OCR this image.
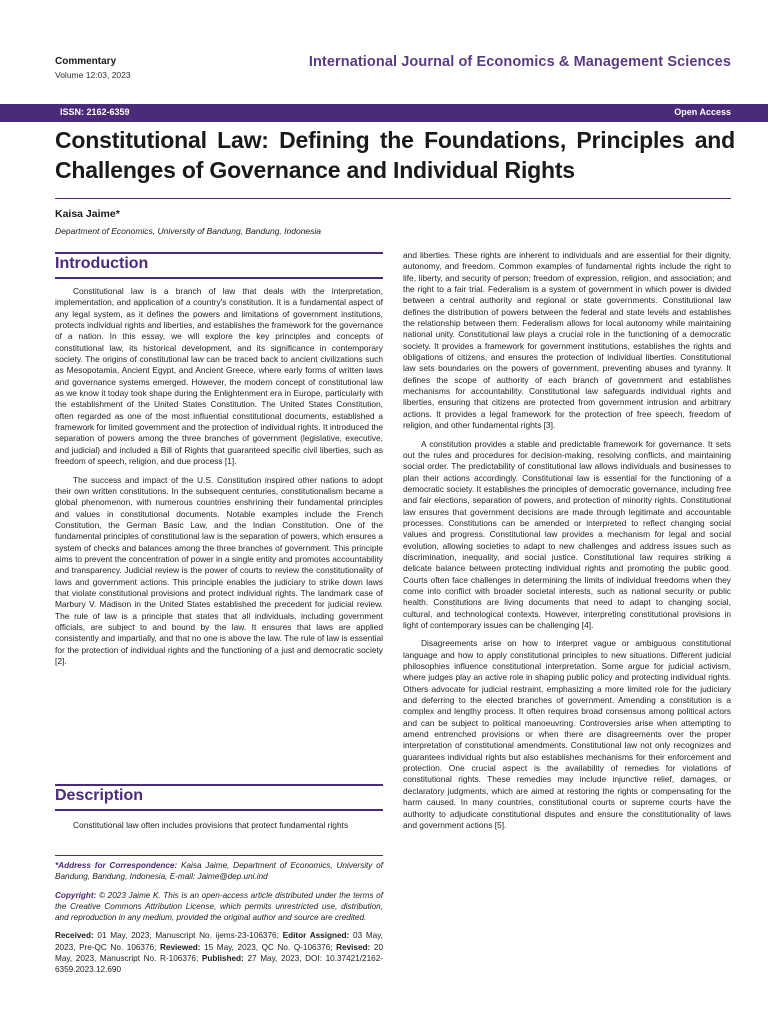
Commentary
Volume 12:03, 2023
International Journal of Economics & Management Sciences
ISSN: 2162-6359	Open Access
Constitutional Law: Defining the Foundations, Principles and Challenges of Governance and Individual Rights
Kaisa Jaime*
Department of Economics, University of Bandung, Bandung, Indonesia
Introduction

Constitutional law is a branch of law that deals with the interpretation, implementation, and application of a country's constitution. It is a fundamental aspect of any legal system, as it defines the powers and limitations of government institutions, protects individual rights and liberties, and establishes the framework for the governance of a nation. In this essay, we will explore the key principles and concepts of constitutional law, its historical development, and its significance in contemporary society. The origins of constitutional law can be traced back to ancient civilizations such as Mesopotamia, Ancient Egypt, and Ancient Greece, where early forms of written laws and governance systems emerged. However, the modern concept of constitutional law as we know it today took shape during the Enlightenment era in Europe, particularly with the establishment of the United States Constitution. The United States Constitution, often regarded as one of the most influential constitutional documents, established a framework for limited government and the protection of individual rights. It introduced the separation of powers among the three branches of government (legislative, executive, and judicial) and included a Bill of Rights that guaranteed specific civil liberties, such as freedom of speech, religion, and due process [1].

The success and impact of the U.S. Constitution inspired other nations to adopt their own written constitutions. In the subsequent centuries, constitutionalism became a global phenomenon, with numerous countries enshrining their fundamental principles and values in constitutional documents. Notable examples include the French Constitution, the German Basic Law, and the Indian Constitution. One of the fundamental principles of constitutional law is the separation of powers, which ensures a system of checks and balances among the three branches of government. This principle aims to prevent the concentration of power in a single entity and promotes accountability and transparency. Judicial review is the power of courts to review the constitutionality of laws and government actions. This principle enables the judiciary to strike down laws that violate constitutional provisions and protect individual rights. The landmark case of Marbury V. Madison in the United States established the precedent for judicial review. The rule of law is a principle that states that all individuals, including government officials, are subject to and bound by the law. It ensures that laws are applied consistently and impartially, and that no one is above the law. The rule of law is essential for the protection of individual rights and the functioning of a just and democratic society [2].

Description

Constitutional law often includes provisions that protect fundamental rights

*Address for Correspondence: Kaisa Jaime, Department of Economics, University of Bandung, Bandung, Indonesia, E-mail: Jaime@dep.uni.ind

Copyright: © 2023 Jaime K. This is an open-access article distributed under the terms of the Creative Commons Attribution License, which permits unrestricted use, distribution, and reproduction in any medium, provided the original author and source are credited.

Received: 01 May, 2023, Manuscript No. ijems-23-106376; Editor Assigned: 03 May, 2023, Pre-QC No. 106376; Reviewed: 15 May, 2023, QC No. Q-106376; Revised: 20 May, 2023, Manuscript No. R-106376; Published: 27 May, 2023, DOI: 10.37421/2162-6359.2023.12.690

and liberties. These rights are inherent to individuals and are essential for their dignity, autonomy, and freedom. Common examples of fundamental rights include the right to life, liberty, and security of person; freedom of expression, religion, and association; and the right to a fair trial. Federalism is a system of government in which power is divided between a central authority and regional or state governments. Constitutional law defines the distribution of powers between the federal and state levels and establishes the relationship between them. Federalism allows for local autonomy while maintaining national unity. Constitutional law plays a crucial role in the functioning of a democratic society. It provides a framework for government institutions, establishes the rights and obligations of citizens, and ensures the protection of individual liberties. Constitutional law sets boundaries on the powers of government, preventing abuses and tyranny. It defines the scope of authority of each branch of government and establishes mechanisms for accountability. Constitutional law safeguards individual rights and liberties, ensuring that citizens are protected from government intrusion and arbitrary actions. It provides a legal framework for the protection of free speech, freedom of religion, and other fundamental rights [3].

A constitution provides a stable and predictable framework for governance. It sets out the rules and procedures for decision-making, resolving conflicts, and maintaining social order. The predictability of constitutional law allows individuals and businesses to plan their actions accordingly. Constitutional law is essential for the functioning of a democratic society. It establishes the principles of democratic governance, including free and fair elections, separation of powers, and protection of minority rights. Constitutional law ensures that government decisions are made through legitimate and accountable processes. Constitutions can be amended or interpreted to reflect changing social values and progress. Constitutional law provides a mechanism for legal and social evolution, allowing societies to adapt to new challenges and address issues such as discrimination, inequality, and social justice. Constitutional law requires striking a delicate balance between protecting individual rights and promoting the public good. Courts often face challenges in determining the limits of individual freedoms when they come into conflict with broader societal interests, such as national security or public health. Constitutions are living documents that need to adapt to changing social, cultural, and technological contexts. However, interpreting constitutional provisions in light of contemporary issues can be challenging [4].

Disagreements arise on how to interpret vague or ambiguous constitutional language and how to apply constitutional principles to new situations. Different judicial philosophies influence constitutional interpretation. Some argue for judicial activism, where judges play an active role in shaping public policy and protecting individual rights. Others advocate for judicial restraint, emphasizing a more limited role for the judiciary and deferring to the elected branches of government. Amending a constitution is a complex and lengthy process. It often requires broad consensus among political actors and can be subject to political manoeuvring. Controversies arise when attempting to amend entrenched provisions or when there are disagreements over the proper interpretation of constitutional amendments. Constitutional law not only recognizes and guarantees individual rights but also establishes mechanisms for their enforcement and protection. One crucial aspect is the availability of remedies for violations of constitutional rights. These remedies may include injunctive relief, damages, or declaratory judgments, which are aimed at restoring the rights or compensating for the harm caused. In many countries, constitutional courts or supreme courts have the authority to adjudicate constitutional disputes and ensure the constitutionality of laws and government actions [5].
